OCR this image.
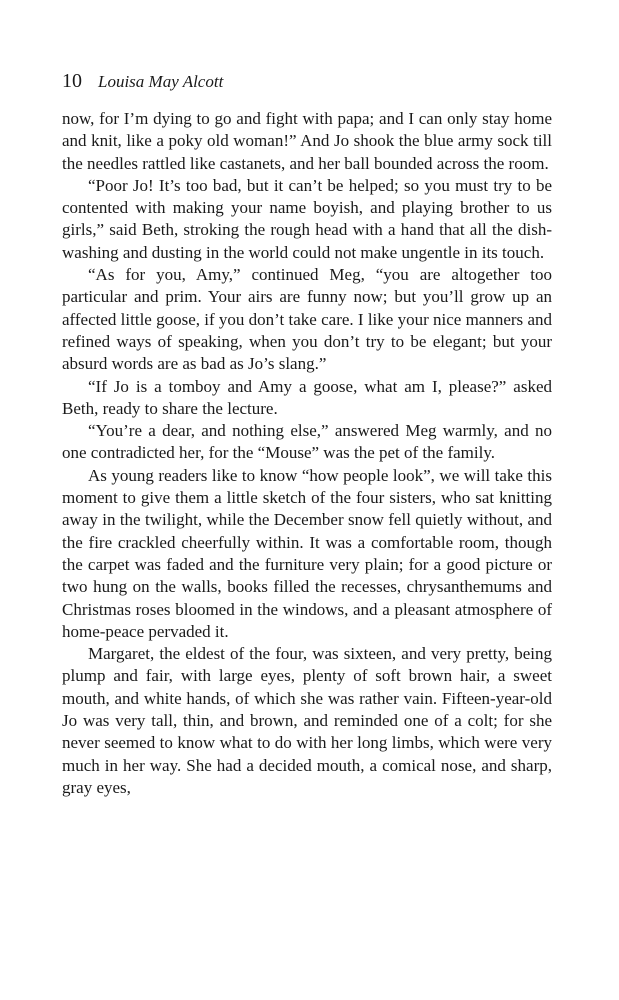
10 Louisa May Alcott

now, for I’m dying to go and fight with papa; and I can only stay home and knit, like a poky old woman!” And Jo shook the blue army sock till the needles rattled like castanets, and her ball bounded across the room.

“Poor Jo! It’s too bad, but it can’t be helped; so you must try to be contented with making your name boyish, and playing brother to us girls,” said Beth, stroking the rough head with a hand that all the dish-washing and dusting in the world could not make ungentle in its touch.

“As for you, Amy,” continued Meg, “you are altogether too particular and prim. Your airs are funny now; but you’ll grow up an affected little goose, if you don’t take care. I like your nice manners and refined ways of speaking, when you don’t try to be elegant; but your absurd words are as bad as Jo’s slang.”

“If Jo is a tomboy and Amy a goose, what am I, please?” asked Beth, ready to share the lecture.

“You’re a dear, and nothing else,” answered Meg warmly, and no one contradicted her, for the “Mouse” was the pet of the family.

As young readers like to know “how people look”, we will take this moment to give them a little sketch of the four sisters, who sat knitting away in the twilight, while the December snow fell quietly without, and the fire crackled cheerfully within. It was a comfortable room, though the carpet was faded and the furniture very plain; for a good picture or two hung on the walls, books filled the recesses, chrysanthemums and Christmas roses bloomed in the windows, and a pleasant atmosphere of home-peace pervaded it.

Margaret, the eldest of the four, was sixteen, and very pretty, being plump and fair, with large eyes, plenty of soft brown hair, a sweet mouth, and white hands, of which she was rather vain. Fifteen-year-old Jo was very tall, thin, and brown, and reminded one of a colt; for she never seemed to know what to do with her long limbs, which were very much in her way. She had a decided mouth, a comical nose, and sharp, gray eyes,
